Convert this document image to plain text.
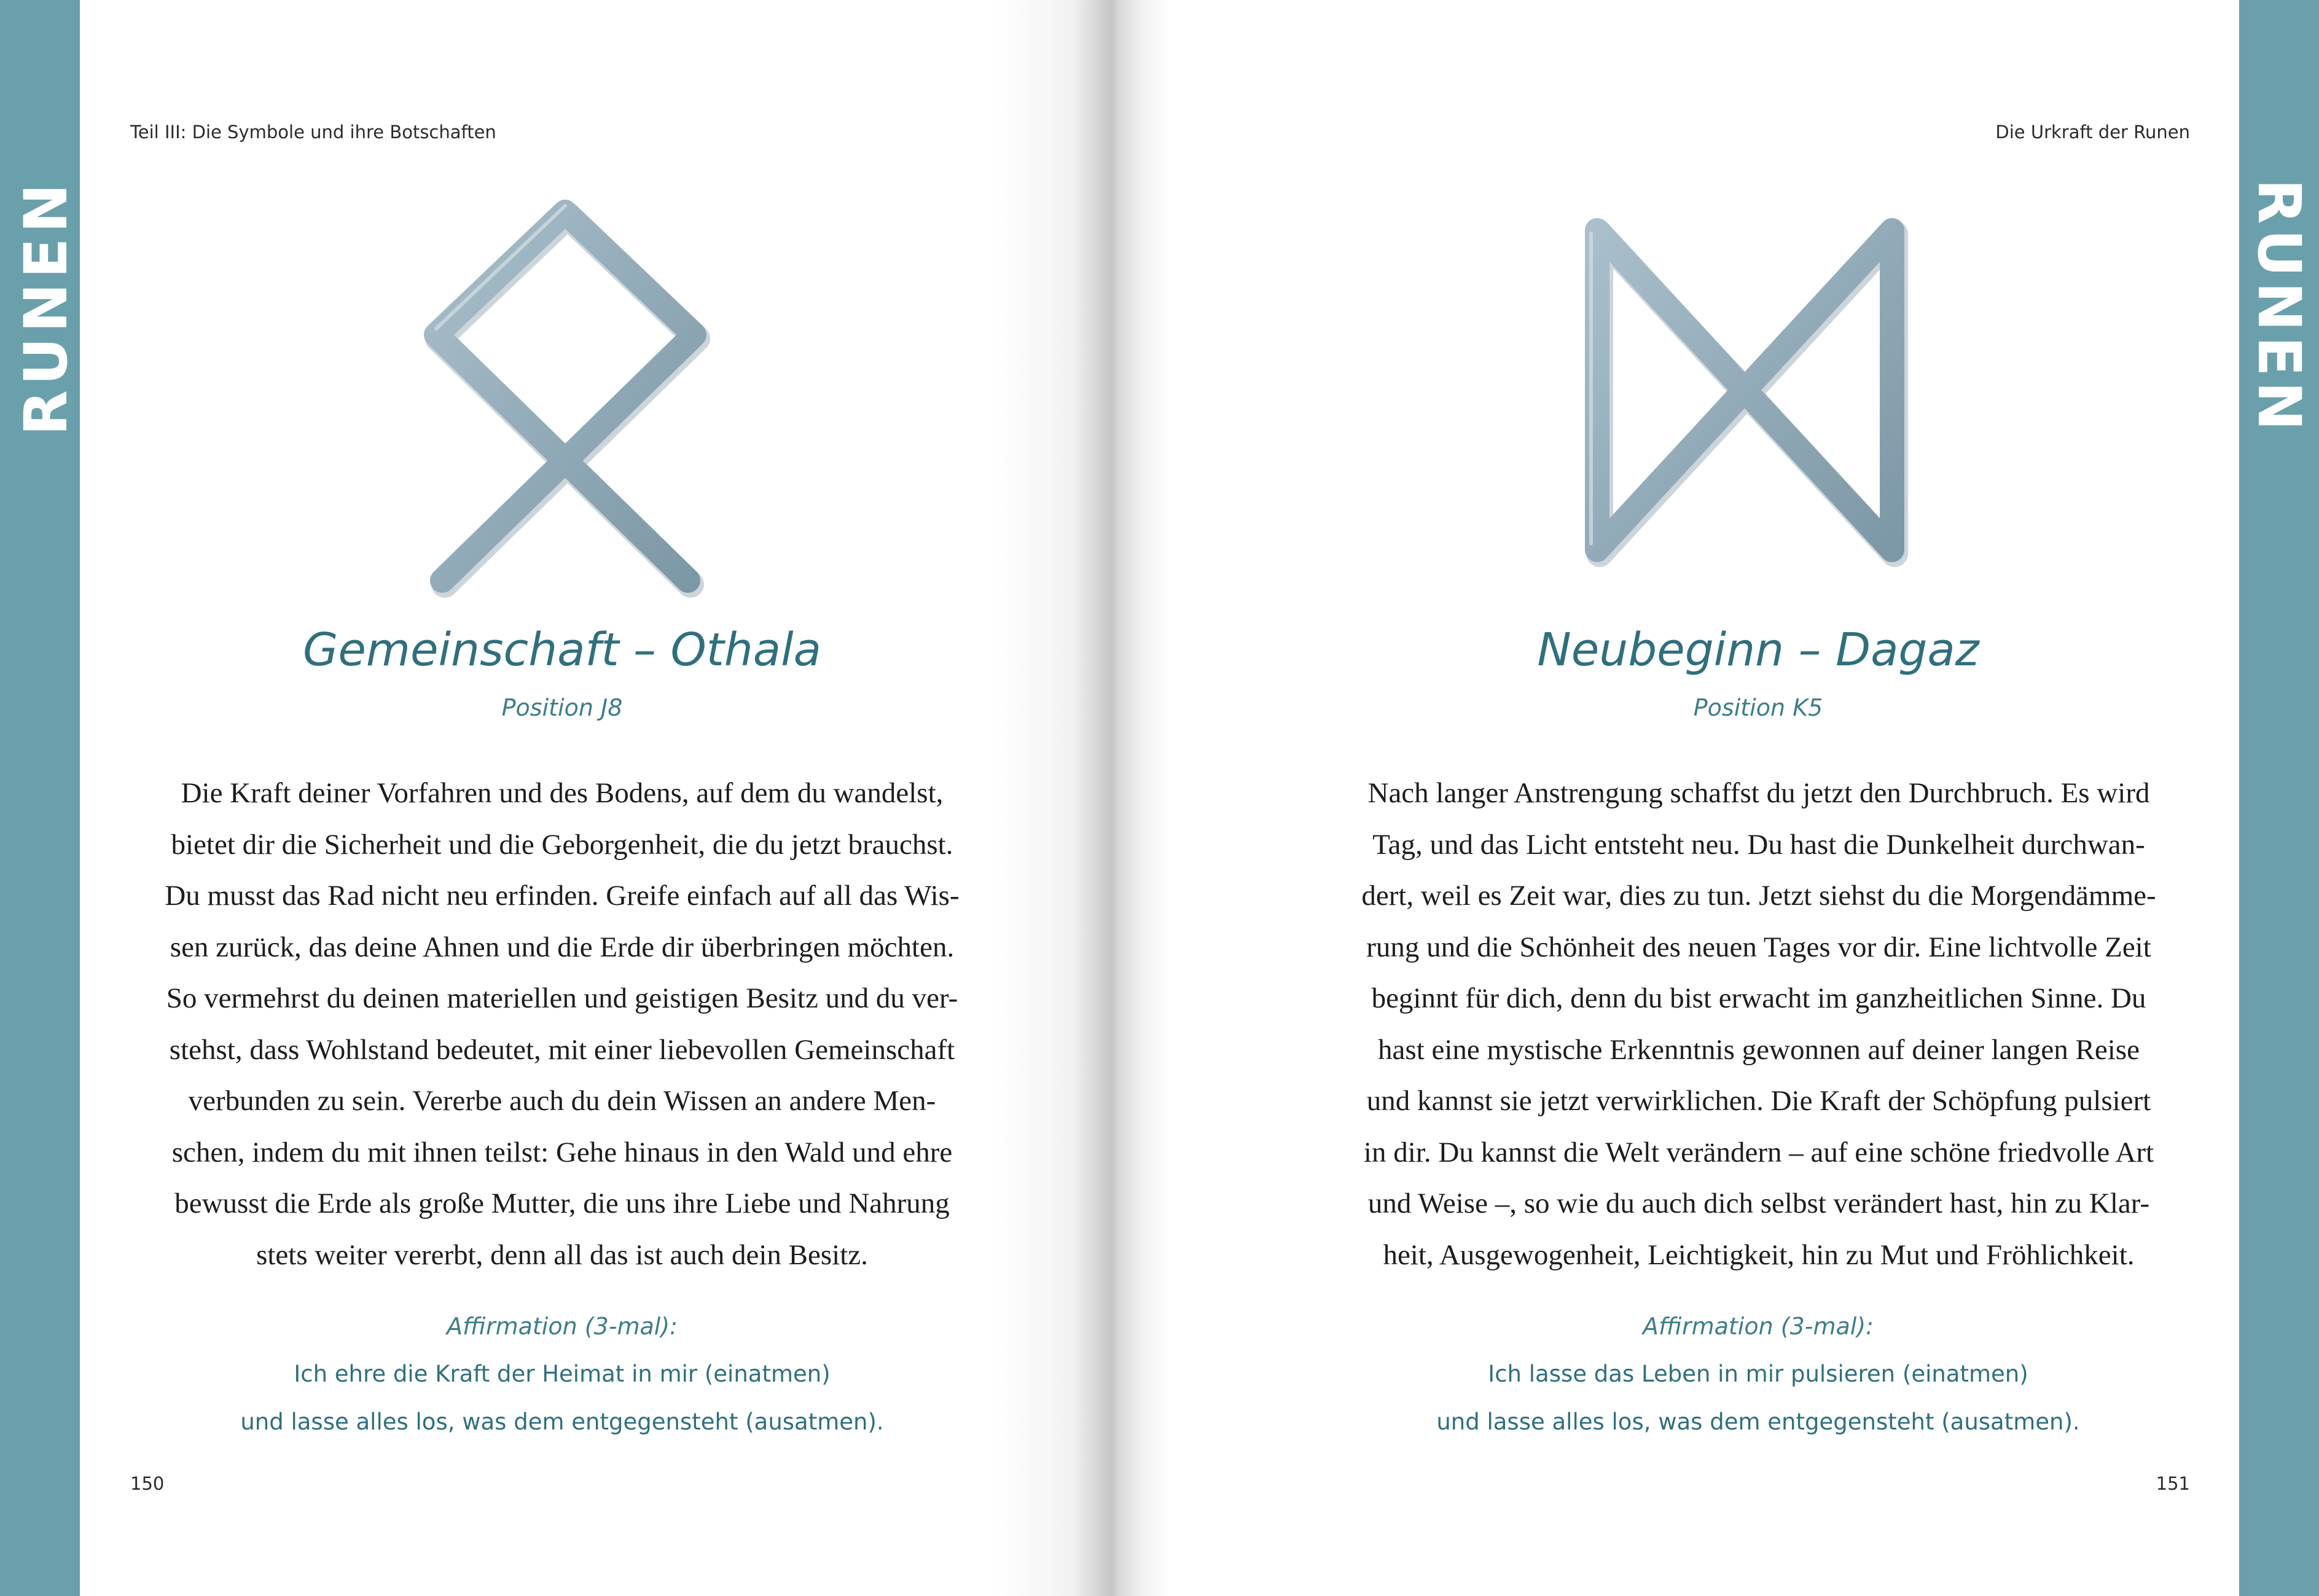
RUNEN	RUNEN
Teil III: Die Symbole und ihre Botschaften
Gemeinschaft – Othala
Position J8
Die Kraft deiner Vorfahren und des Bodens, auf dem du wandelst,
bietet dir die Sicherheit und die Geborgenheit, die du jetzt brauchst.
Du musst das Rad nicht neu erfinden. Greife einfach auf all das Wis-
sen zurück, das deine Ahnen und die Erde dir überbringen möchten.
So vermehrst du deinen materiellen und geistigen Besitz und du ver-
stehst, dass Wohlstand bedeutet, mit einer liebevollen Gemeinschaft
verbunden zu sein. Vererbe auch du dein Wissen an andere Men-
schen, indem du mit ihnen teilst: Gehe hinaus in den Wald und ehre
bewusst die Erde als große Mutter, die uns ihre Liebe und Nahrung
stets weiter vererbt, denn all das ist auch dein Besitz.
Affirmation (3-mal):
Ich ehre die Kraft der Heimat in mir (einatmen)
und lasse alles los, was dem entgegensteht (ausatmen).
150
Die Urkraft der Runen
Neubeginn – Dagaz
Position K5
Nach langer Anstrengung schaffst du jetzt den Durchbruch. Es wird
Tag, und das Licht entsteht neu. Du hast die Dunkelheit durchwan-
dert, weil es Zeit war, dies zu tun. Jetzt siehst du die Morgendämme-
rung und die Schönheit des neuen Tages vor dir. Eine lichtvolle Zeit
beginnt für dich, denn du bist erwacht im ganzheitlichen Sinne. Du
hast eine mystische Erkenntnis gewonnen auf deiner langen Reise
und kannst sie jetzt verwirklichen. Die Kraft der Schöpfung pulsiert
in dir. Du kannst die Welt verändern – auf eine schöne friedvolle Art
und Weise –, so wie du auch dich selbst verändert hast, hin zu Klar-
heit, Ausgewogenheit, Leichtigkeit, hin zu Mut und Fröhlichkeit.
Affirmation (3-mal):
Ich lasse das Leben in mir pulsieren (einatmen)
und lasse alles los, was dem entgegensteht (ausatmen).
151
